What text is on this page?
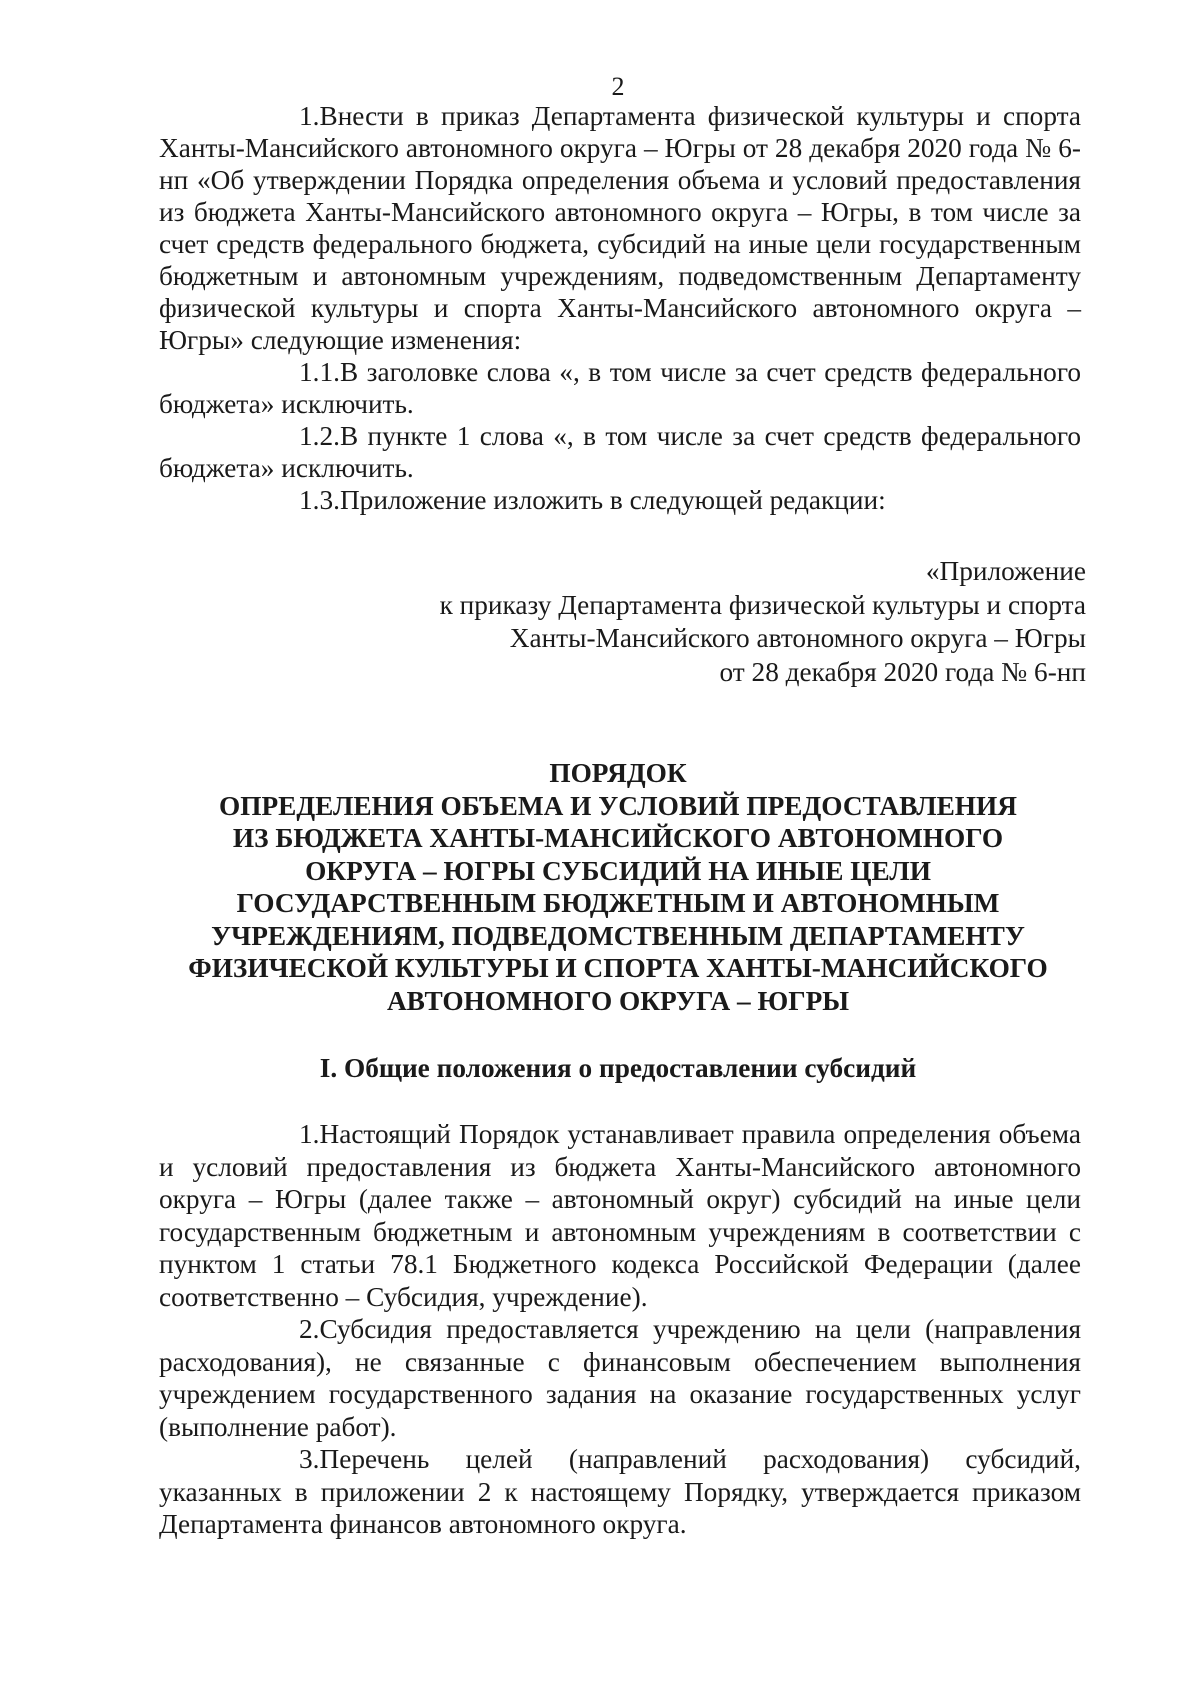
2

1.Внести в приказ Департамента физической культуры и спорта Ханты-Мансийского автономного округа – Югры от 28 декабря 2020 года № 6-нп «Об утверждении Порядка определения объема и условий предоставления из бюджета Ханты-Мансийского автономного округа – Югры, в том числе за счет средств федерального бюджета, субсидий на иные цели государственным бюджетным и автономным учреждениям, подведомственным Департаменту физической культуры и спорта Ханты-Мансийского автономного округа – Югры» следующие изменения:

1.1.В заголовке слова «, в том числе за счет средств федерального бюджета» исключить.

1.2.В пункте 1 слова «, в том числе за счет средств федерального бюджета» исключить.

1.3.Приложение изложить в следующей редакции:

«Приложение
к приказу Департамента физической культуры и спорта
Ханты-Мансийского автономного округа – Югры
от 28 декабря 2020 года № 6-нп
ПОРЯДОК
ОПРЕДЕЛЕНИЯ ОБЪЕМА И УСЛОВИЙ ПРЕДОСТАВЛЕНИЯ
ИЗ БЮДЖЕТА ХАНТЫ-МАНСИЙСКОГО АВТОНОМНОГО
ОКРУГА – ЮГРЫ СУБСИДИЙ НА ИНЫЕ ЦЕЛИ
ГОСУДАРСТВЕННЫМ БЮДЖЕТНЫМ И АВТОНОМНЫМ
УЧРЕЖДЕНИЯМ, ПОДВЕДОМСТВЕННЫМ ДЕПАРТАМЕНТУ
ФИЗИЧЕСКОЙ КУЛЬТУРЫ И СПОРТА ХАНТЫ-МАНСИЙСКОГО
АВТОНОМНОГО ОКРУГА – ЮГРЫ
I. Общие положения о предоставлении субсидий

1.Настоящий Порядок устанавливает правила определения объема и условий предоставления из бюджета Ханты-Мансийского автономного округа – Югры (далее также – автономный округ) субсидий на иные цели государственным бюджетным и автономным учреждениям в соответствии с пунктом 1 статьи 78.1 Бюджетного кодекса Российской Федерации (далее соответственно – Субсидия, учреждение).

2.Субсидия предоставляется учреждению на цели (направления расходования), не связанные с финансовым обеспечением выполнения учреждением государственного задания на оказание государственных услуг (выполнение работ).

3.Перечень целей (направлений расходования) субсидий, указанных в приложении 2 к настоящему Порядку, утверждается приказом Департамента финансов автономного округа.
